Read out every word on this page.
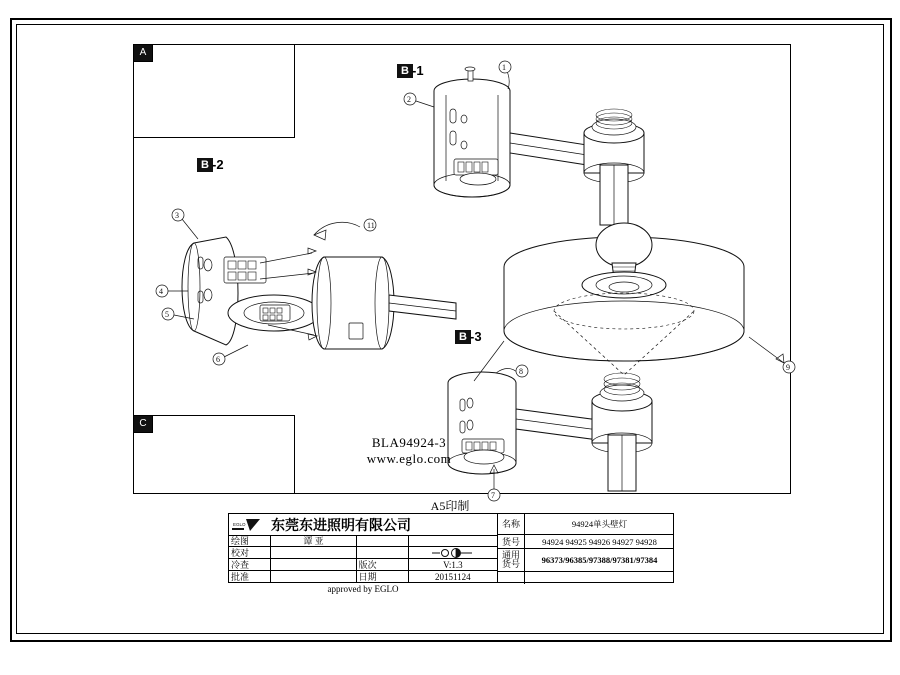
1
2
11
3
4
5
6
7
8	9
B -1
B -2
B -3
BLA94924-3
www.eglo.com
A
C
A5印制
EGLO 东莞东进照明有限公司
绘图	谭 亚
校对
冷查	版次	V:1.3
批准	日期	20151124
approved by EGLO
名称	94924单头壁灯
货号	94924 94925 94926 94927 94928
通用货号	96373/96385/97388/97381/97384
